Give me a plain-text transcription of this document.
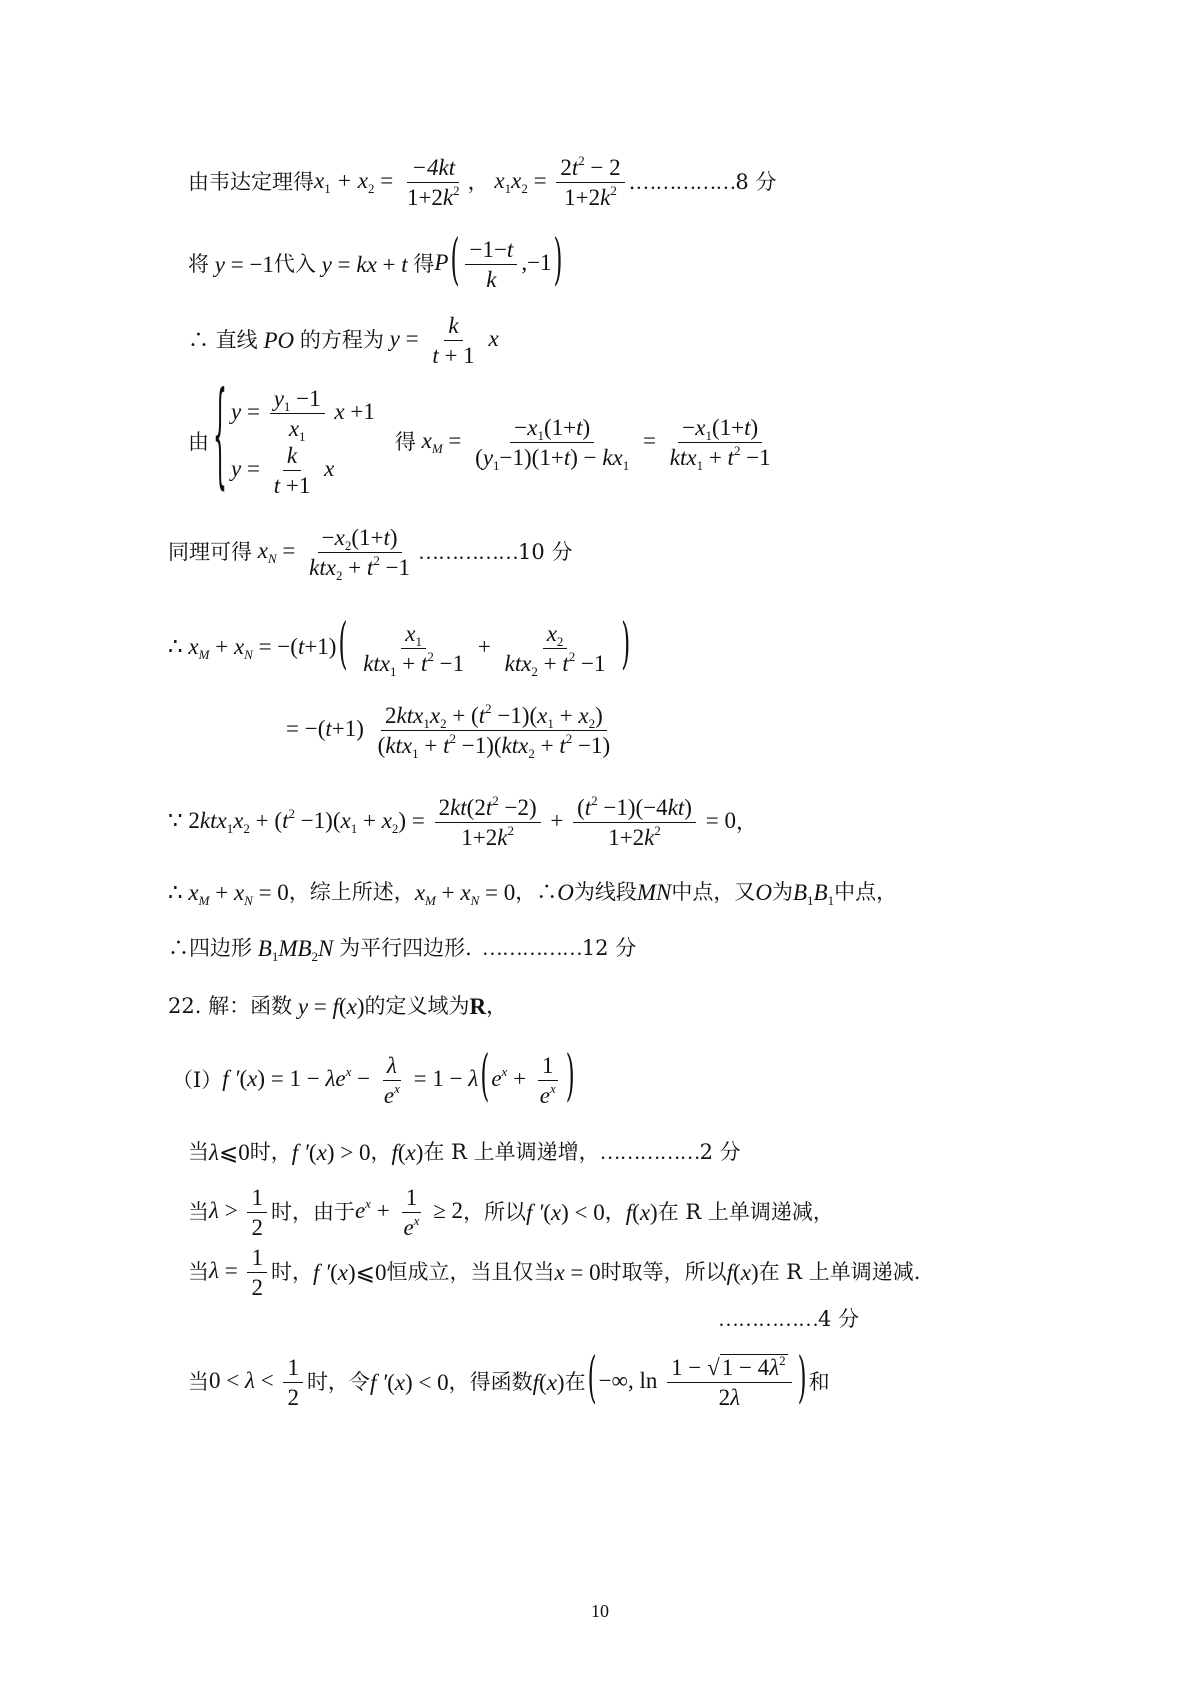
由韦达定理得 $x_1 + x_2 = \frac{-4kt}{1+2k^2}$ ， $x_1x_2 = \frac{2t^2 - 2}{1+2k^2}$ . …………… 8 分
将 y = −1 代入 y = kx + t 得 $P( \frac{-1-t}{k} ,-1)$
∴ 直线 PO 的方程为 $y = \frac{k}{t + 1}$ x
由 { $y = \frac{y_1 -1}{x_1}$ x +1
$y = \frac{k}{t +1}$ x
得 $x_M = \frac{-x_1(1+t)}{(y_1-1)(1+t) - kx_1} = \frac{-x_1(1+t)}{ktx_1 + t^2 -1}$
同理可得 $x_N = \frac{-x_2(1+t)}{ktx_2 + t^2 -1}$ …………… 10 分
∴ $x_M + x_N = -(t+1)( \frac{x_1}{ktx_1 + t^2 -1} + \frac{x_2}{ktx_2 + t^2 -1}$ )
= $-(t+1) \frac{2ktx_1x_2 + (t^2 -1)(x_1 + x_2)}{(ktx_1 + t^2 -1)(ktx_2 + t^2 -1)}$
∵ $2ktx_1x_2 + (t^2 -1)(x_1 + x_2) = \frac{2kt(2t^2 -2)}{1+2k^2} + \frac{(t^2 -1)(-4kt)}{1+2k^2} = 0$ ，
∴ $x_M + x_N = 0$ ，综上所述， $x_M + x_N = 0$ ，∴ O 为线段 MN 中点，又 O 为 $B_1B_1$ 中点，
∴四边形 $B_1MB_2N$ 为平行四边形. …………… 12 分
22. 解：函数 y = f(x) 的定义域为 R ，
（Ⅰ） f $'(x) = 1 - \lambda e^x - \frac{\lambda}{e^x} = 1 - \lambda(e^x + \frac{1}{e^x}$ )
当 λ⩽0 时， f ′(x) > 0 ， f(x) 在 R 上单调递增， …………… 2 分
当 $\lambda > \frac{1}{2}$ 时，由于 $e^x + \frac{1}{e^x} \ge 2$ ，所以 f ′(x) < 0 ， f(x) 在 R 上单调递减，
当 $\lambda = \frac{1}{2}$ 时， f ′(x)⩽0 恒成立，当且仅当 x = 0 时取等，所以 f(x) 在 R 上单调递减.
…………… 4 分
当 $0 < \lambda < \frac{1}{2}$ 时，令 f ′(x) < 0 ，得函数 f(x) 在 (−∞, $\ln \frac{1 - √1 - 4\lambda^2}{2\lambda}$ ) 和
10
